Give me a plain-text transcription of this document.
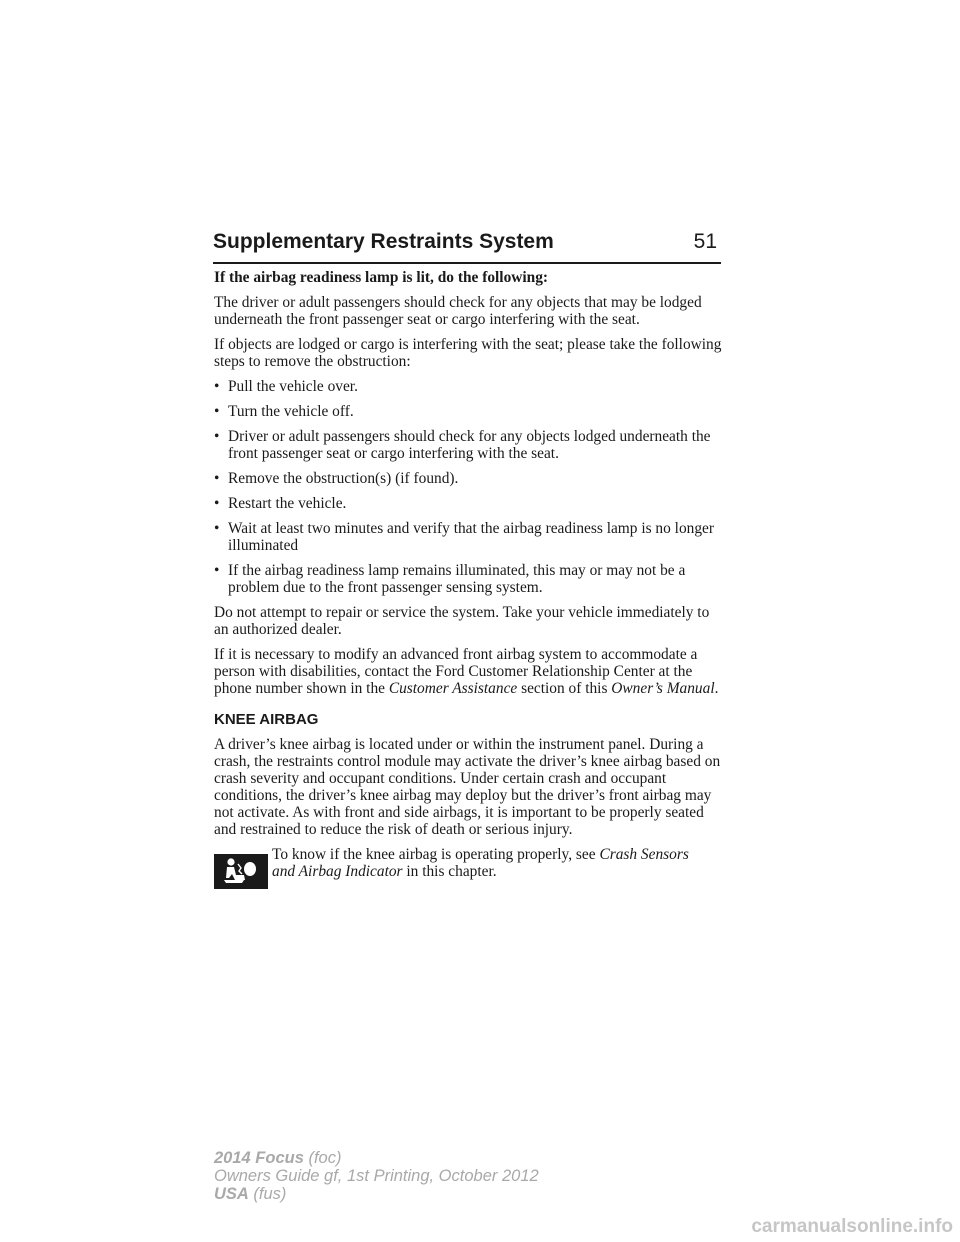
Supplementary Restraints System	51

If the airbag readiness lamp is lit, do the following:

The driver or adult passengers should check for any objects that may be lodged underneath the front passenger seat or cargo interfering with the seat.

If objects are lodged or cargo is interfering with the seat; please take the following steps to remove the obstruction:

• Pull the vehicle over.
• Turn the vehicle off.
• Driver or adult passengers should check for any objects lodged underneath the front passenger seat or cargo interfering with the seat.
• Remove the obstruction(s) (if found).
• Restart the vehicle.
• Wait at least two minutes and verify that the airbag readiness lamp is no longer illuminated
• If the airbag readiness lamp remains illuminated, this may or may not be a problem due to the front passenger sensing system.

Do not attempt to repair or service the system. Take your vehicle immediately to an authorized dealer.

If it is necessary to modify an advanced front airbag system to accommodate a person with disabilities, contact the Ford Customer Relationship Center at the phone number shown in the Customer Assistance section of this Owner’s Manual.

KNEE AIRBAG

A driver’s knee airbag is located under or within the instrument panel. During a crash, the restraints control module may activate the driver’s knee airbag based on crash severity and occupant conditions. Under certain crash and occupant conditions, the driver’s knee airbag may deploy but the driver’s front airbag may not activate. As with front and side airbags, it is important to be properly seated and restrained to reduce the risk of death or serious injury.

To know if the knee airbag is operating properly, see Crash Sensors and Airbag Indicator in this chapter.
2014 Focus (foc)
Owners Guide gf, 1st Printing, October 2012
USA (fus)
carmanualsonline.info
